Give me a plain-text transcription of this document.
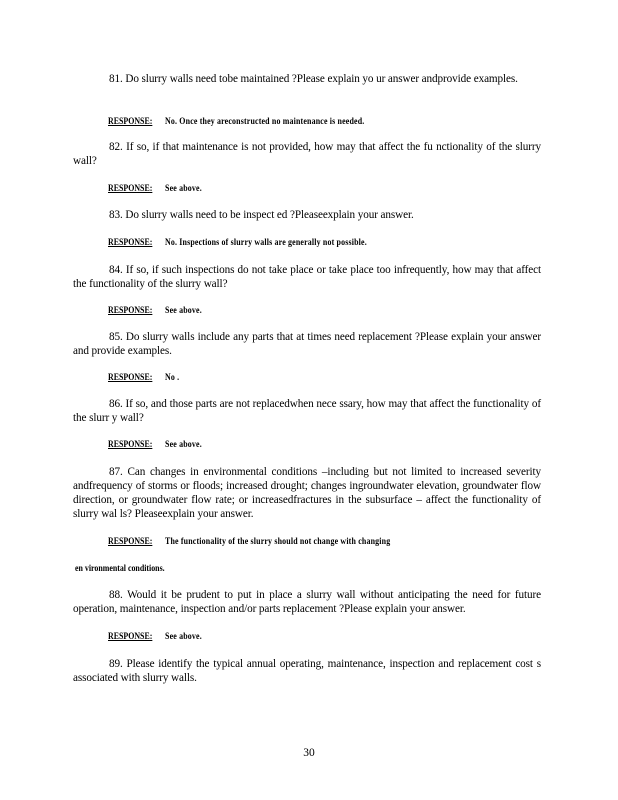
81. Do slurry walls need tobe maintained ?Please explain yo ur answer andprovide examples.
RESPONSE: No. Once they areconstructed no maintenance is needed.
82. If so, if that maintenance is not provided, how may that affect the fu nctionality of the slurry wall?
RESPONSE: See above.
83. Do slurry walls need to be inspect ed ?Pleaseexplain your answer.
RESPONSE: No. Inspections of slurry walls are generally not possible.
84. If so, if such inspections do not take place or take place too infrequently, how may that affect the functionality of the slurry wall?
RESPONSE: See above.
85. Do slurry walls include any parts that at times need replacement ?Please explain your answer and provide examples.
RESPONSE: No .
86. If so, and those parts are not replacedwhen nece ssary, how may that affect the functionality of the slurr y wall?
RESPONSE: See above.
87. Can changes in environmental conditions –including but not limited to increased severity andfrequency of storms or floods; increased drought; changes ingroundwater elevation, groundwater flow direction, or groundwater flow rate; or increasedfractures in the subsurface – affect the functionality of slurry wal ls? Pleaseexplain your answer.
RESPONSE: The functionality of the slurry should not change with changing
en vironmental conditions.
88. Would it be prudent to put in place a slurry wall without anticipating the need for future operation, maintenance, inspection and/or parts replacement ?Please explain your answer.
RESPONSE: See above.
89. Please identify the typical annual operating, maintenance, inspection and replacement cost s associated with slurry walls.
30
